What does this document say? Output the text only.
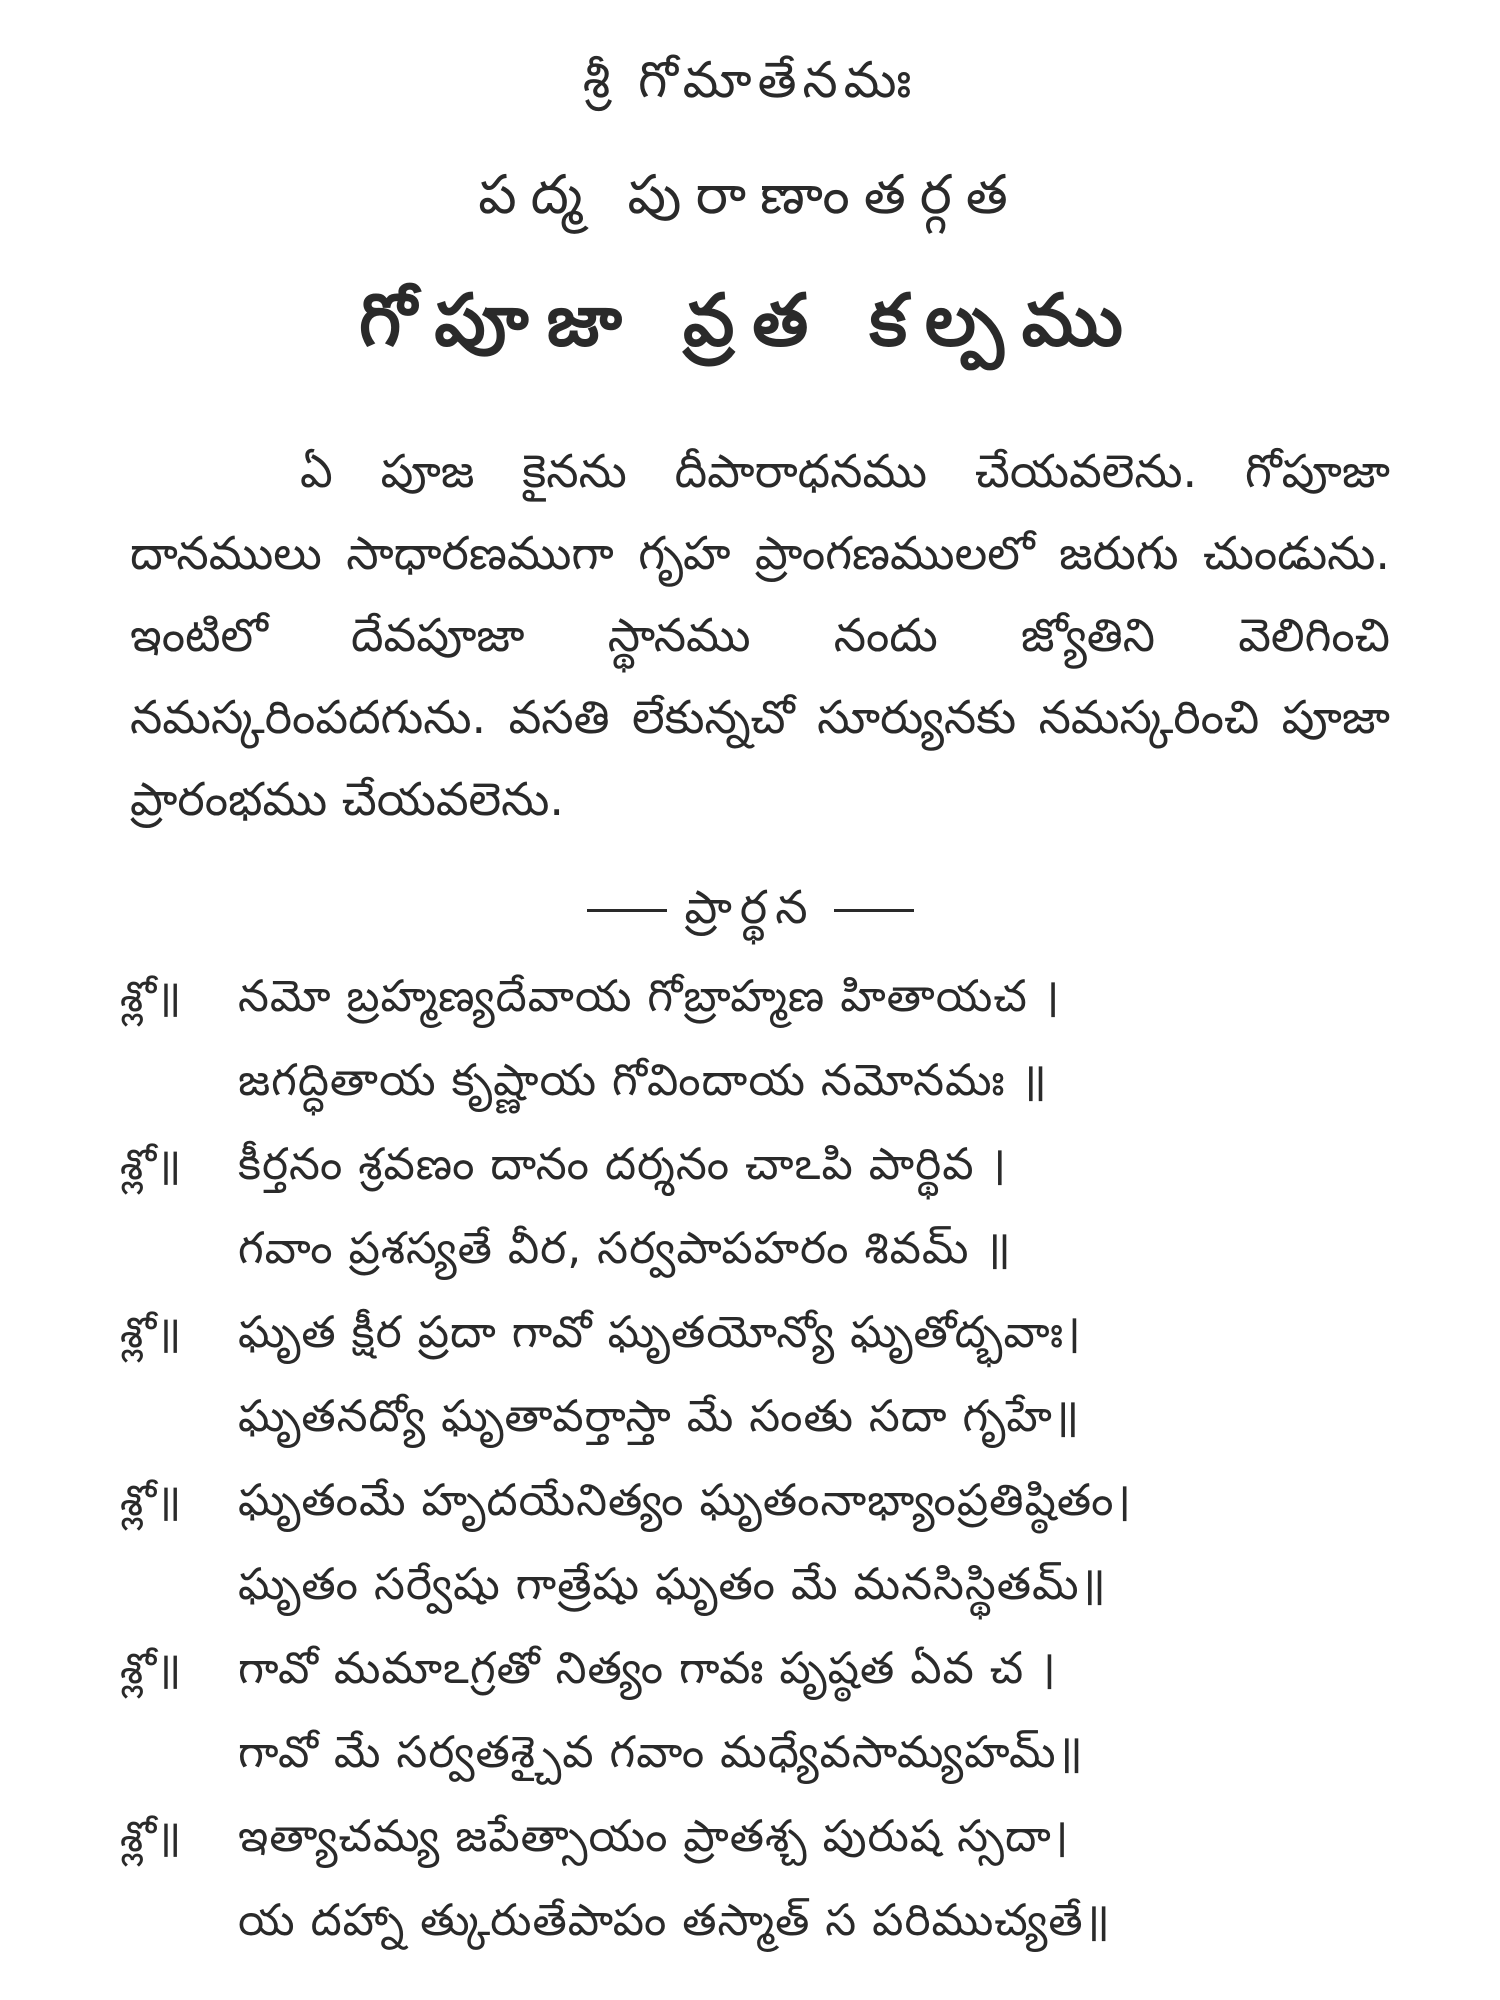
శ్రీ గోమాతేనమః
పద్మ పురాణాంతర్గత
గోపూజా వ్రత కల్పము

ఏ పూజ కైనను దీపారాధనము చేయవలెను. గోపూజా దానములు సాధారణముగా గృహ ప్రాంగణములలో జరుగు చుండును. ఇంటిలో దేవపూజా స్థానము నందు జ్యోతిని వెలిగించి నమస్కరింపదగును. వసతి లేకున్నచో సూర్యునకు నమస్కరించి పూజా ప్రారంభము చేయవలెను.

ప్రార్థన
శ్లో॥	నమో బ్రహ్మణ్యదేవాయ గోబ్రాహ్మణ హితాయచ ।
జగద్ధితాయ కృష్ణాయ గోవిందాయ నమోనమః ॥
శ్లో॥	కీర్తనం శ్రవణం దానం దర్శనం చాఽపి పార్థివ ।
గవాం ప్రశస్యతే వీర, సర్వపాపహరం శివమ్ ॥
శ్లో॥	ఘృత క్షీర ప్రదా గావో ఘృతయోన్యో ఘృతోద్భవాః।
ఘృతనద్యో ఘృతావర్తాస్తా మే సంతు సదా గృహే॥
శ్లో॥	ఘృతంమే హృదయేనిత్యం ఘృతంనాభ్యాంప్రతిష్ఠితం।
ఘృతం సర్వేషు గాత్రేషు ఘృతం మే మనసిస్థితమ్॥
శ్లో॥	గావో మమాఽగ్రతో నిత్యం గావః పృష్ఠత ఏవ చ ।
గావో మే సర్వతశ్చైవ గవాం మధ్యేవసామ్యహమ్॥
శ్లో॥	ఇత్యాచమ్య జపేత్సాయం ప్రాతశ్చ పురుష స్సదా।
య దహ్నా త్కురుతేపాపం తస్మాత్ స పరిముచ్యతే॥
